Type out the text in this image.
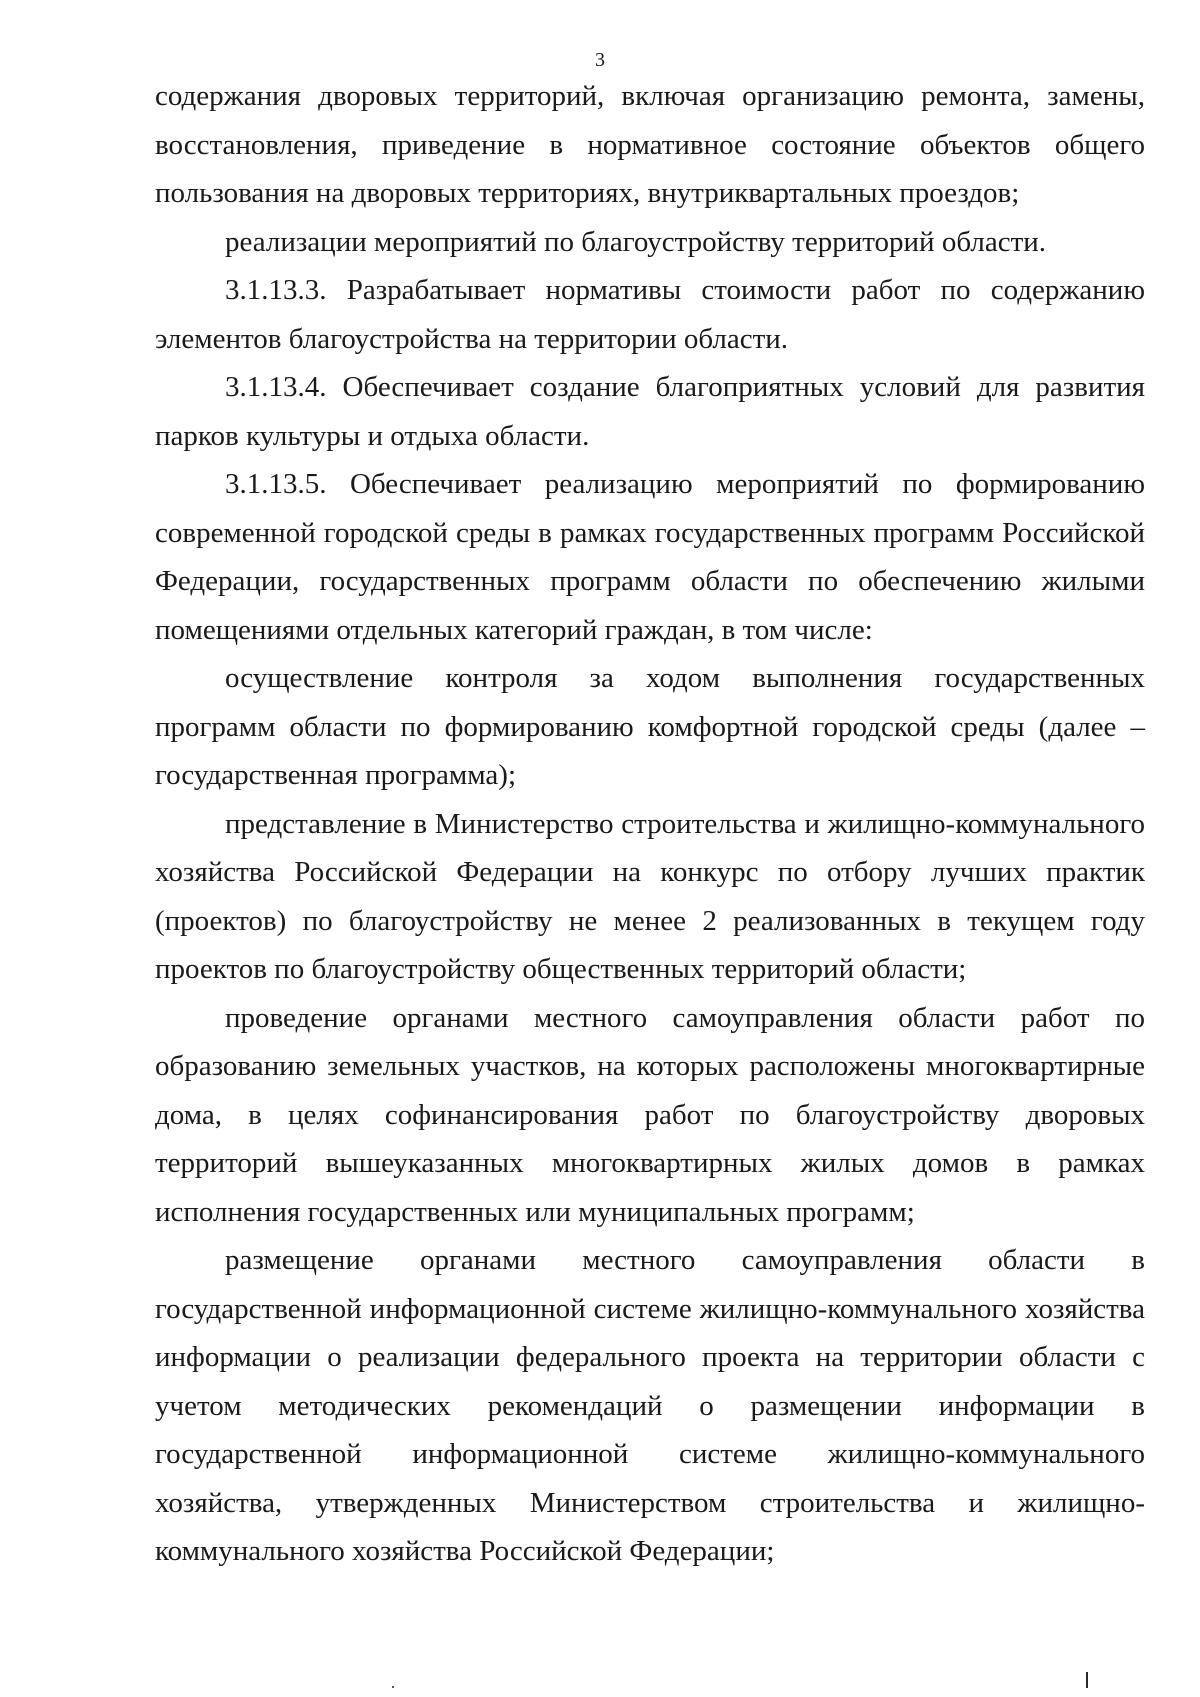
3

содержания дворовых территорий, включая организацию ремонта, замены, восстановления, приведение в нормативное состояние объектов общего пользования на дворовых территориях, внутриквартальных проездов;

реализации мероприятий по благоустройству территорий области.

3.1.13.3. Разрабатывает нормативы стоимости работ по содержанию элементов благоустройства на территории области.

3.1.13.4. Обеспечивает создание благоприятных условий для развития парков культуры и отдыха области.

3.1.13.5. Обеспечивает реализацию мероприятий по формированию современной городской среды в рамках государственных программ Российской Федерации, государственных программ области по обеспечению жилыми помещениями отдельных категорий граждан, в том числе:

осуществление контроля за ходом выполнения государственных программ области по формированию комфортной городской среды (далее – государственная программа);

представление в Министерство строительства и жилищно-коммунального хозяйства Российской Федерации на конкурс по отбору лучших практик (проектов) по благоустройству не менее 2 реализованных в текущем году проектов по благоустройству общественных территорий области;

проведение органами местного самоуправления области работ по образованию земельных участков, на которых расположены многоквартирные дома, в целях софинансирования работ по благоустройству дворовых территорий вышеуказанных многоквартирных жилых домов в рамках исполнения государственных или муниципальных программ;

размещение органами местного самоуправления области в государственной информационной системе жилищно-коммунального хозяйства информации о реализации федерального проекта на территории области с учетом методических рекомендаций о размещении информации в государственной информационной системе жилищно-коммунального хозяйства, утвержденных Министерством строительства и жилищно-коммунального хозяйства Российской Федерации;
